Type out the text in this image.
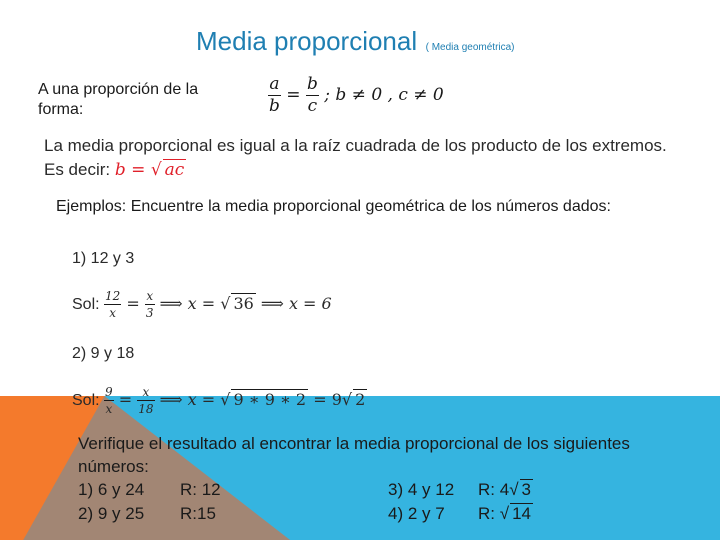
Media proporcional ( Media geométrica)
A una proporción de la forma:	$\frac{a}{b} = \frac{b}{c}$ ; b ≠ 0 , c ≠ 0
La media proporcional es igual a la raíz cuadrada de los producto de los extremos.
Es decir: b = √ ac
Ejemplos: Encuentre la media proporcional geométrica de los números dados:
1) 12 y 3
Sol: $\frac{12}{x} = \frac{x}{3}$ ⟹ x = √ 36 ⟹ x = 6
2) 9 y 18
Sol: $\frac{9}{x} = \frac{x}{18}$ ⟹ x = √ 9 ∗ 9 ∗ 2 = 9√ 2
Verifique el resultado al encontrar la media proporcional de los siguientes números:
1) 6 y 24 R: 12	3) 4 y 12 R: 4√ 3
2) 9 y 25 R:15	4) 2 y 7 R: √ 14
